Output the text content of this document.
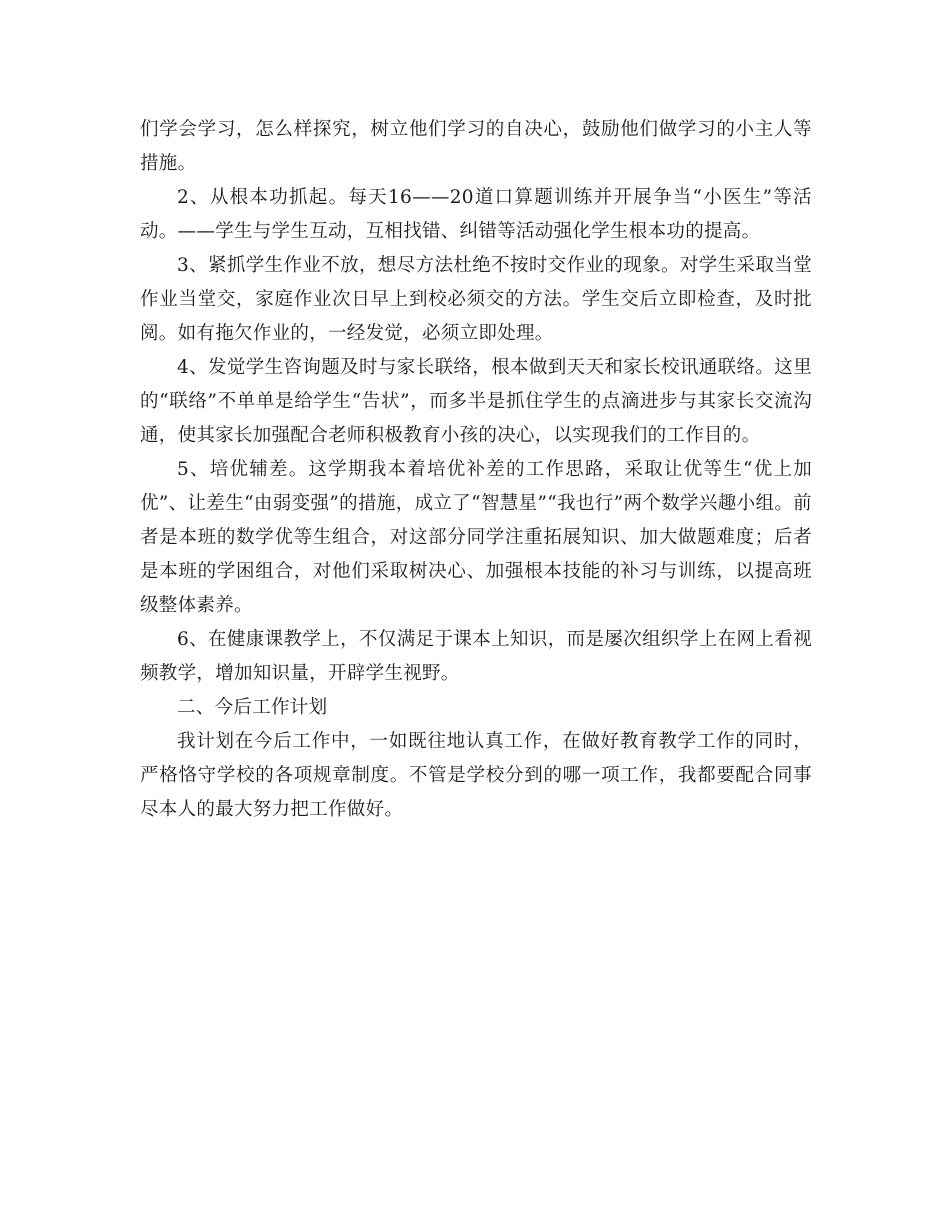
们学会学习，怎么样探究，树立他们学习的自决心，鼓励他们做学习的小主人等措施。

2、从根本功抓起。每天16——20道口算题训练并开展争当“小医生”等活动。——学生与学生互动，互相找错、纠错等活动强化学生根本功的提高。

3、紧抓学生作业不放，想尽方法杜绝不按时交作业的现象。对学生采取当堂作业当堂交，家庭作业次日早上到校必须交的方法。学生交后立即检查，及时批阅。如有拖欠作业的，一经发觉，必须立即处理。

4、发觉学生咨询题及时与家长联络，根本做到天天和家长校讯通联络。这里的“联络”不单单是给学生“告状”，而多半是抓住学生的点滴进步与其家长交流沟通，使其家长加强配合老师积极教育小孩的决心，以实现我们的工作目的。

5、培优辅差。这学期我本着培优补差的工作思路，采取让优等生“优上加优”、让差生“由弱变强”的措施，成立了“智慧星”“我也行”两个数学兴趣小组。前者是本班的数学优等生组合，对这部分同学注重拓展知识、加大做题难度；后者是本班的学困组合，对他们采取树决心、加强根本技能的补习与训练，以提高班级整体素养。

6、在健康课教学上，不仅满足于课本上知识，而是屡次组织学上在网上看视频教学，增加知识量，开辟学生视野。

二、今后工作计划

我计划在今后工作中，一如既往地认真工作，在做好教育教学工作的同时，严格恪守学校的各项规章制度。不管是学校分到的哪一项工作，我都要配合同事尽本人的最大努力把工作做好。
